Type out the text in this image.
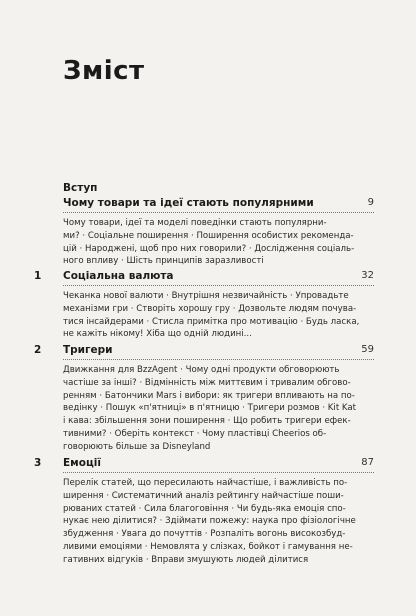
Зміст
Вступ
Чому товари та ідеї стають популярними	9
Чому товари, ідеї та моделі поведінки стають популярни-
ми? · Соціальне поширення · Поширення особистих рекоменда-
цій · Народжені, щоб про них говорили? · Дослідження соціаль-
ного впливу · Шість принципів заразливості
1 Соціальна валюта	32
Чеканка нової валюти · Внутрішня незвичайність · Упровадьте
механізми гри · Створіть хорошу гру · Дозвольте людям почува-
тися інсайдерами · Стисла примітка про мотивацію · Будь ласка,
не кажіть нікому! Хіба що одній людині...
2 Тригери	59
Движкання для BzzAgent · Чому одні продукти обговорюють
частіше за інші? · Відмінність між миттєвим і тривалим обгово-
ренням · Батончики Mars і вибори: як тригери впливають на по-
ведінку · Пошук «п'ятниці» в п'ятницю · Тригери розмов · Kit Kat
і кава: збільшення зони поширення · Що робить тригери ефек-
тивними? · Оберіть контекст · Чому пластівці Cheerios об-
говорюють більше за Disneyland
3 Емоції	87
Перелік статей, що пересилають найчастіше, і важливість по-
ширення · Систематичний аналіз рейтингу найчастіше поши-
рюваних статей · Сила благоговіння · Чи будь-яка емоція спо-
нукає нею ділитися? · Здіймати пожежу: наука про фізіологічне
збудження · Увага до почуттів · Розпаліть вогонь високозбуд-
ливими емоціями · Немовлята у слізках, бойкот і гамування не-
гативних відгуків · Вправи змушують людей ділитися
